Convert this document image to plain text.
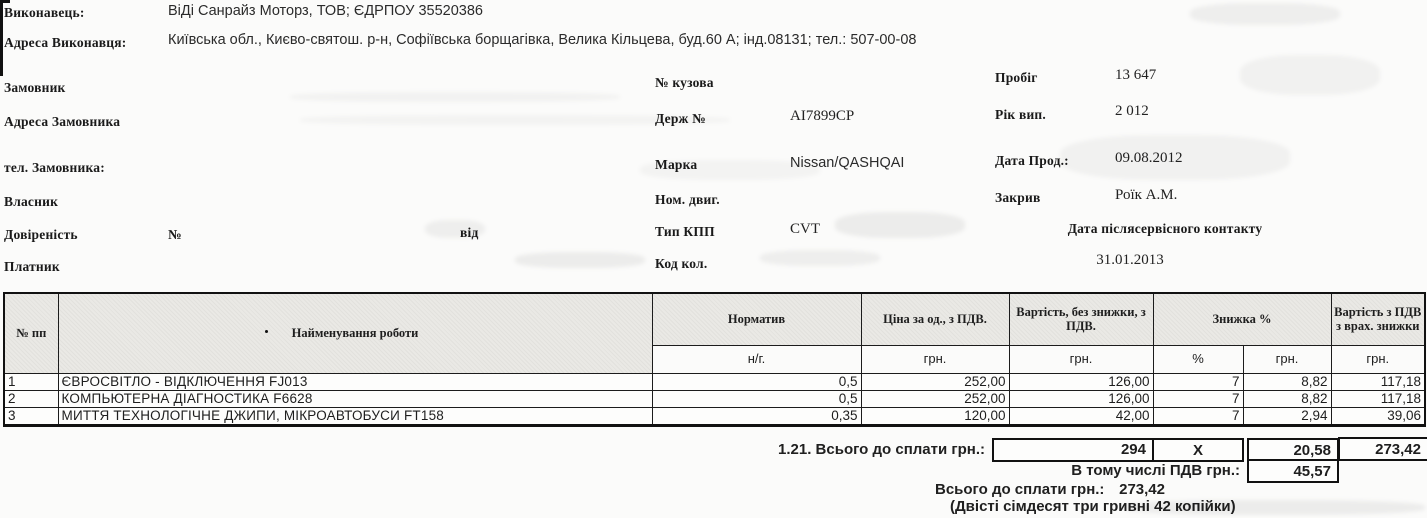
Виконавець:	ВіДі Санрайз Моторз, ТОВ; ЄДРПОУ 35520386
Адреса Виконавця:	Київська обл., Києво-святош. р-н, Софіївська борщагівка, Велика Кільцева, буд.60 А; інд.08131; тел.: 507-00-08
Замовник
Адреса Замовника
тел. Замовника:
Власник
Довіреність	№	від
Платник
№ кузова
Держ №	AI7899CP
Марка	Nissan/QASHQAI
Ном. двиг.
Тип КПП	CVT
Код кол.
Пробіг	13 647
Рік вип.	2 012
Дата Прод.:	09.08.2012
Закрив	Роїк А.М.
Дата післясервісного контакту
31.01.2013
№ пп	Найменування роботи	Норматив	Ціна за од., з ПДВ.	Вартість, без знижки, з ПДВ.	Знижка %		Вартість з ПДВ з врах. знижки
		н/г.	грн.	грн.	%	грн.	грн.
1	ЄВРОСВІТЛО - ВІДКЛЮЧЕННЯ FJ013	0,5	252,00	126,00	7	8,82	117,18
2	КОМПЬЮТЕРНА ДІАГНОСТИКА F6628	0,5	252,00	126,00	7	8,82	117,18
3	МИТТЯ ТЕХНОЛОГІЧНЕ ДЖИПИ, МІКРОАВТОБУСИ FT158	0,35	120,00	42,00	7	2,94	39,06
1.21. Всього до сплати грн.:	294	X	20,58	273,42
В тому числі ПДВ грн.:	45,57
Всього до сплати грн.: 273,42
(Двісті сімдесят три гривні 42 копійки)
